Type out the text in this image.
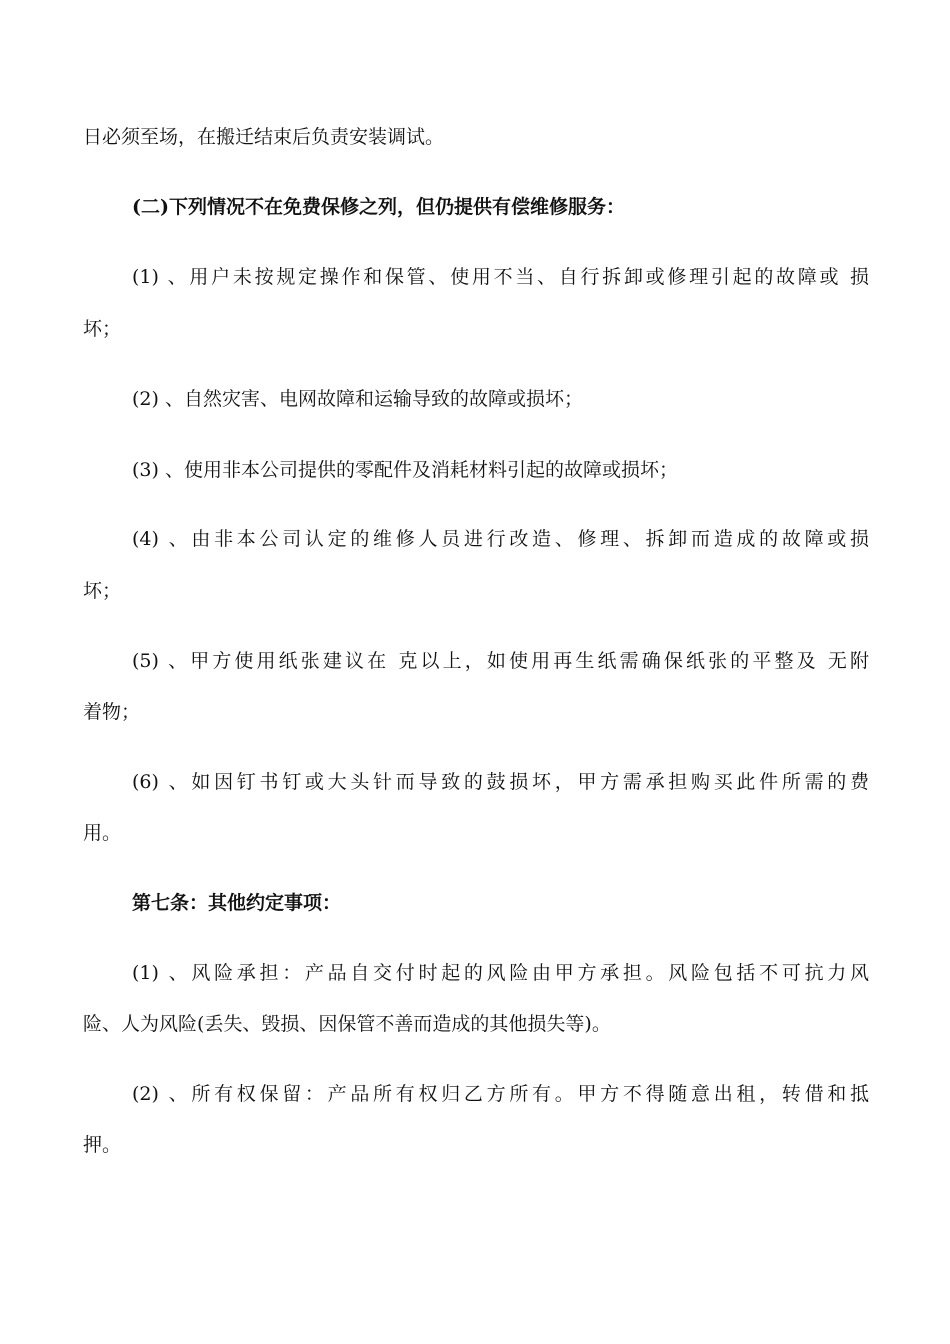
日必须至场，在搬迁结束后负责安装调试。
(二)下列情况不在免费保修之列，但仍提供有偿维修服务：
(1) 、用户未按规定操作和保管、使用不当、自行拆卸或修理引起的故障或 损
坏；
(2) 、自然灾害、电网故障和运输导致的故障或损坏；
(3) 、使用非本公司提供的零配件及消耗材料引起的故障或损坏；
(4) 、由非本公司认定的维修人员进行改造、修理、拆卸而造成的故障或损
坏；
(5) 、甲方使用纸张建议在 克以上，如使用再生纸需确保纸张的平整及 无附
着物；
(6) 、如因钉书钉或大头针而导致的鼓损坏，甲方需承担购买此件所需的费
用。
第七条：其他约定事项：
(1) 、风险承担：产品自交付时起的风险由甲方承担。风险包括不可抗力风
险、人为风险(丢失、毁损、因保管不善而造成的其他损失等)。
(2) 、所有权保留：产品所有权归乙方所有。甲方不得随意出租，转借和抵
押。
